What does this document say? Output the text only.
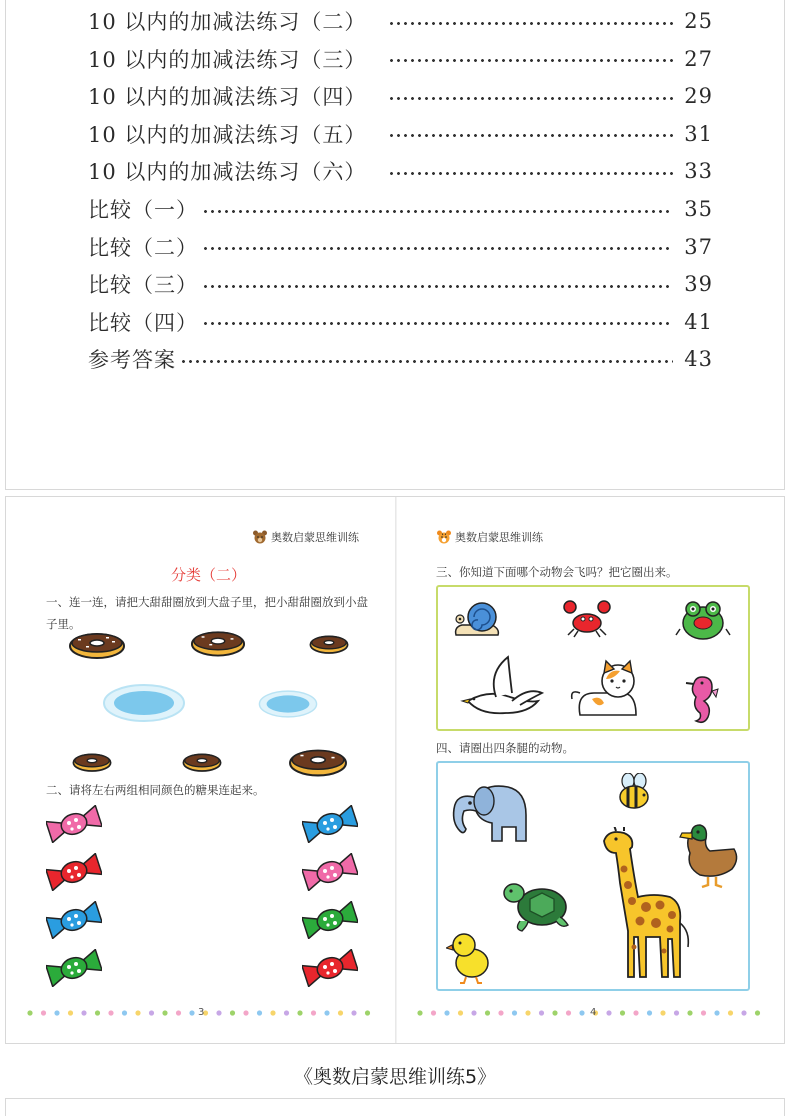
10 以内的加减法练习（二）	25
10 以内的加减法练习（三）	27
10 以内的加减法练习（四）	29
10 以内的加减法练习（五）	31
10 以内的加减法练习（六）	33
比较（一）	35
比较（二）	37
比较（三）	39
比较（四）	41
参考答案	43
奥数启蒙思维训练
分类（二）
一、连一连，请把大甜甜圈放到大盘子里，把小甜甜圈放到小盘子里。
二、请将左右两组相同颜色的糖果连起来。
3
奥数启蒙思维训练
三、你知道下面哪个动物会飞吗？把它圈出来。
四、请圈出四条腿的动物。
4
《奥数启蒙思维训练5》
